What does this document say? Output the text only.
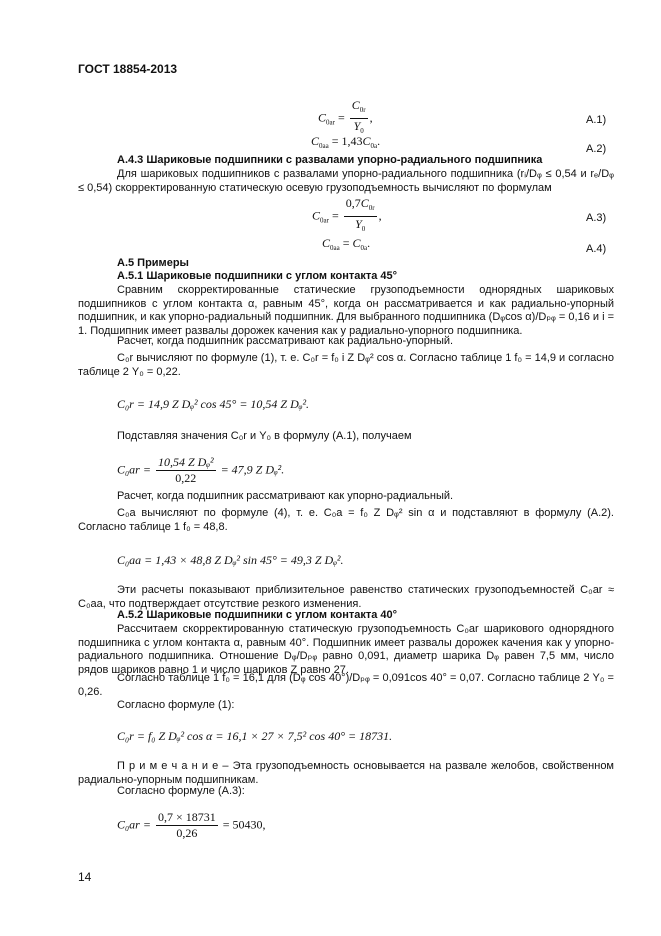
ГОСТ 18854-2013
$C_{0ar} = \frac{C_{0r}}{Y_0}$ ,	A.1)
$C_{0aa} = 1,43C_{0a}$.
A.2)
A.4.3 Шариковые подшипники с развалами упорно-радиального подшипника
Для шариковых подшипников с развалами упорно-радиального подшипника (rᵢ/Dᵩ ≤ 0,54 и rₑ/Dᵩ ≤ 0,54) скорректированную статическую осевую грузоподъемность вычисляют по формулам
$C_{0ar} = \frac{0,7C_{0r}}{Y_0}$ ,	A.3)
$C_{0aa} = C_{0a}$.	A.4)
A.5 Примеры
A.5.1 Шариковые подшипники с углом контакта 45°
Сравним скорректированные статические грузоподъемности однорядных шариковых подшипников с углом контакта α, равным 45°, когда он рассматривается и как радиально-упорный подшипник, и как упорно-радиальный подшипник. Для выбранного подшипника (Dᵩcos α)/Dₚᵩ = 0,16 и i = 1. Подшипник имеет развалы дорожек качения как у радиально-упорного подшипника.
Расчет, когда подшипник рассматривают как радиально-упорный.
C₀r вычисляют по формуле (1), т. е. C₀r = f₀ i Z Dᵩ² cos α. Согласно таблице 1 f₀ = 14,9 и согласно таблице 2 Y₀ = 0,22.
C₀r = 14,9 Z Dᵩ² cos 45° = 10,54 Z Dᵩ².
Подставляя значения C₀r и Y₀ в формулу (A.1), получаем
$C_0ar = \frac{\text{10,54 Z Dᵩ²}}{0,22} = 47,9$ Z Dᵩ².
Расчет, когда подшипник рассматривают как упорно-радиальный.
C₀a вычисляют по формуле (4), т. е. C₀a = f₀ Z Dᵩ² sin α и подставляют в формулу (A.2). Согласно таблице 1 f₀ = 48,8.
C₀aa = 1,43 × 48,8 Z Dᵩ² sin 45° = 49,3 Z Dᵩ².
Эти расчеты показывают приблизительное равенство статических грузоподъемностей C₀ar ≈ C₀aa, что подтверждает отсутствие резкого изменения.
A.5.2 Шариковые подшипники с углом контакта 40°
Рассчитаем скорректированную статическую грузоподъемность C₀ar шарикового однорядного подшипника с углом контакта α, равным 40°. Подшипник имеет развалы дорожек качения как у упорно-радиального подшипника. Отношение Dᵩ/Dₚᵩ равно 0,091, диаметр шарика Dᵩ равен 7,5 мм, число рядов шариков равно 1 и число шариков Z равно 27.
Согласно таблице 1 f₀ = 16,1 для (Dᵩ cos 40°)/Dₚᵩ = 0,091cos 40° = 0,07. Согласно таблице 2 Y₀ = 0,26.
Согласно формуле (1):
C₀r = f₀ Z Dᵩ² cos α = 16,1 × 27 × 7,5² cos 40° = 18731.
П р и м е ч а н и е – Эта грузоподъемность основывается на развале желобов, свойственном радиально-упорным подшипникам.
Согласно формуле (A.3):
$C_0ar = \frac{0,7 \times 18731}{0,26} = 50430$,
14
